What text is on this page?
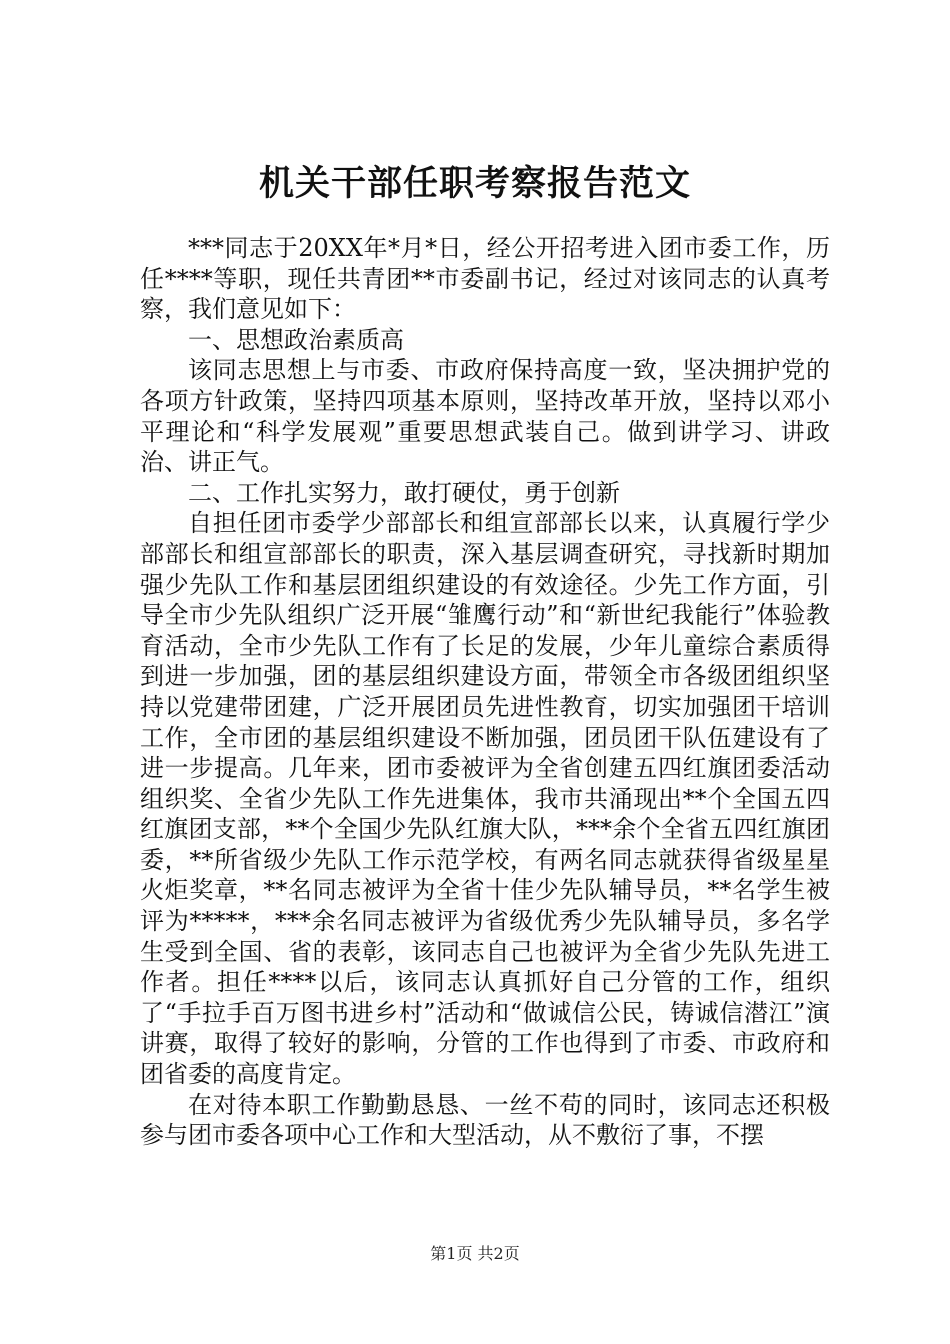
机关干部任职考察报告范文

***同志于20XX年*月*日，经公开招考进入团市委工作，历任****等职，现任共青团**市委副书记，经过对该同志的认真考察，我们意见如下：

一、思想政治素质高

该同志思想上与市委、市政府保持高度一致，坚决拥护党的各项方针政策，坚持四项基本原则，坚持改革开放，坚持以邓小平理论和“科学发展观”重要思想武装自己。做到讲学习、讲政治、讲正气。

二、工作扎实努力，敢打硬仗，勇于创新

自担任团市委学少部部长和组宣部部长以来，认真履行学少部部长和组宣部部长的职责，深入基层调查研究，寻找新时期加强少先队工作和基层团组织建设的有效途径。少先工作方面，引导全市少先队组织广泛开展“雏鹰行动”和“新世纪我能行”体验教育活动，全市少先队工作有了长足的发展，少年儿童综合素质得到进一步加强，团的基层组织建设方面，带领全市各级团组织坚持以党建带团建，广泛开展团员先进性教育，切实加强团干培训工作，全市团的基层组织建设不断加强，团员团干队伍建设有了进一步提高。几年来，团市委被评为全省创建五四红旗团委活动组织奖、全省少先队工作先进集体，我市共涌现出**个全国五四红旗团支部，**个全国少先队红旗大队，***余个全省五四红旗团委，**所省级少先队工作示范学校，有两名同志就获得省级星星火炬奖章，**名同志被评为全省十佳少先队辅导员，**名学生被评为*****，***余名同志被评为省级优秀少先队辅导员，多名学生受到全国、省的表彰，该同志自己也被评为全省少先队先进工作者。担任****以后，该同志认真抓好自己分管的工作，组织了“手拉手百万图书进乡村”活动和“做诚信公民，铸诚信潜江”演讲赛，取得了较好的影响，分管的工作也得到了市委、市政府和团省委的高度肯定。

在对待本职工作勤勤恳恳、一丝不苟的同时，该同志还积极参与团市委各项中心工作和大型活动，从不敷衍了事，不摆

第1页 共2页
